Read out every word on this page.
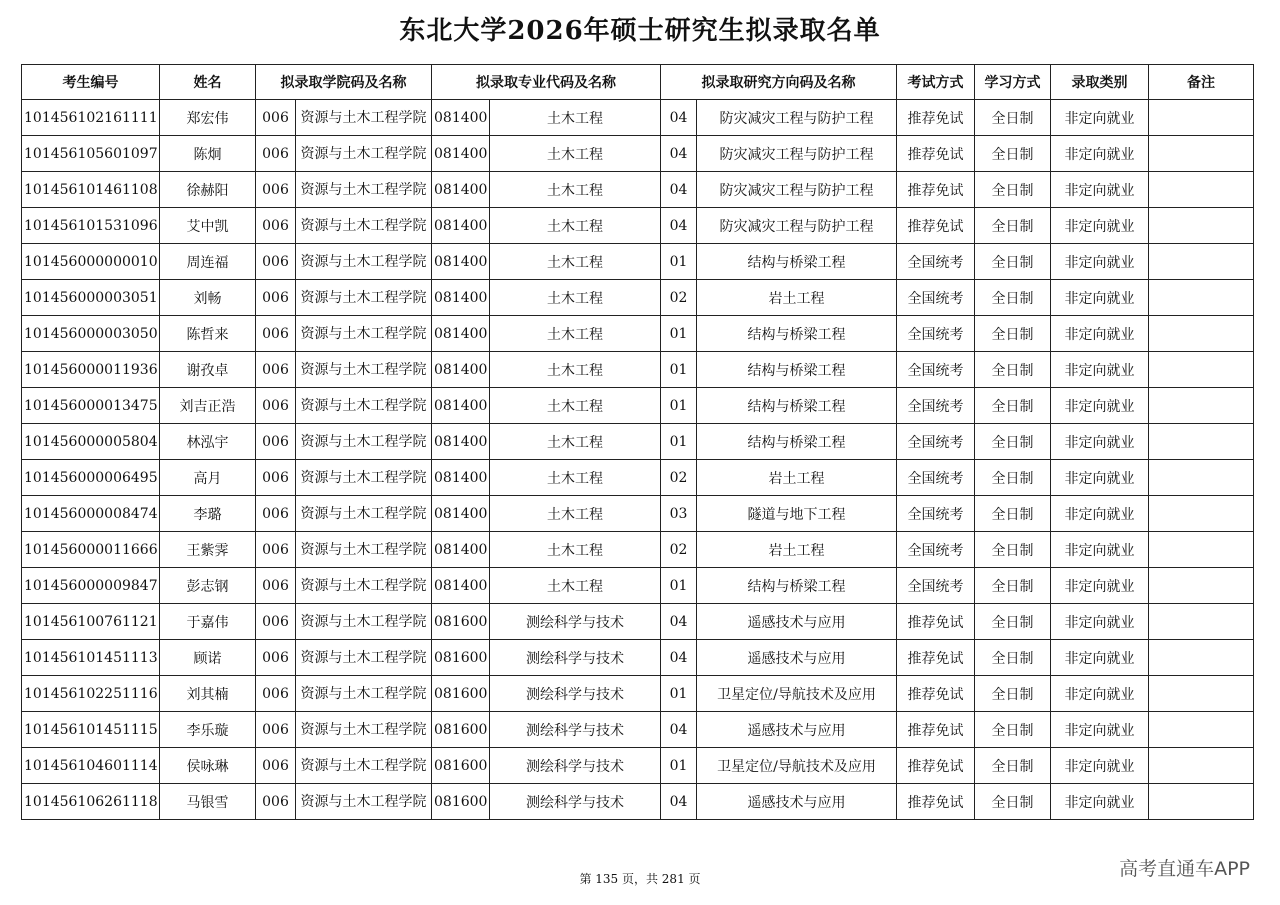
东北大学2026年硕士研究生拟录取名单
考生编号	姓名	拟录取学院码及名称		拟录取专业代码及名称		拟录取研究方向码及名称		考试方式	学习方式	录取类别	备注
101456102161111	郑宏伟	006	资源与土木工程学院	081400	土木工程	04	防灾减灾工程与防护工程	推荐免试	全日制	非定向就业	
101456105601097	陈炯	006	资源与土木工程学院	081400	土木工程	04	防灾减灾工程与防护工程	推荐免试	全日制	非定向就业	
101456101461108	徐赫阳	006	资源与土木工程学院	081400	土木工程	04	防灾减灾工程与防护工程	推荐免试	全日制	非定向就业	
101456101531096	艾中凯	006	资源与土木工程学院	081400	土木工程	04	防灾减灾工程与防护工程	推荐免试	全日制	非定向就业	
101456000000010	周连福	006	资源与土木工程学院	081400	土木工程	01	结构与桥梁工程	全国统考	全日制	非定向就业	
101456000003051	刘畅	006	资源与土木工程学院	081400	土木工程	02	岩土工程	全国统考	全日制	非定向就业	
101456000003050	陈哲来	006	资源与土木工程学院	081400	土木工程	01	结构与桥梁工程	全国统考	全日制	非定向就业	
101456000011936	谢孜卓	006	资源与土木工程学院	081400	土木工程	01	结构与桥梁工程	全国统考	全日制	非定向就业	
101456000013475	刘吉正浩	006	资源与土木工程学院	081400	土木工程	01	结构与桥梁工程	全国统考	全日制	非定向就业	
101456000005804	林泓宇	006	资源与土木工程学院	081400	土木工程	01	结构与桥梁工程	全国统考	全日制	非定向就业	
101456000006495	高月	006	资源与土木工程学院	081400	土木工程	02	岩土工程	全国统考	全日制	非定向就业	
101456000008474	李璐	006	资源与土木工程学院	081400	土木工程	03	隧道与地下工程	全国统考	全日制	非定向就业	
101456000011666	王紫霁	006	资源与土木工程学院	081400	土木工程	02	岩土工程	全国统考	全日制	非定向就业	
101456000009847	彭志钢	006	资源与土木工程学院	081400	土木工程	01	结构与桥梁工程	全国统考	全日制	非定向就业	
101456100761121	于嘉伟	006	资源与土木工程学院	081600	测绘科学与技术	04	遥感技术与应用	推荐免试	全日制	非定向就业	
101456101451113	顾诺	006	资源与土木工程学院	081600	测绘科学与技术	04	遥感技术与应用	推荐免试	全日制	非定向就业	
101456102251116	刘其楠	006	资源与土木工程学院	081600	测绘科学与技术	01	卫星定位/导航技术及应用	推荐免试	全日制	非定向就业	
101456101451115	李乐璇	006	资源与土木工程学院	081600	测绘科学与技术	04	遥感技术与应用	推荐免试	全日制	非定向就业	
101456104601114	侯咏琳	006	资源与土木工程学院	081600	测绘科学与技术	01	卫星定位/导航技术及应用	推荐免试	全日制	非定向就业	
101456106261118	马银雪	006	资源与土木工程学院	081600	测绘科学与技术	04	遥感技术与应用	推荐免试	全日制	非定向就业	
第 135 页，共 281 页	高考直通车APP
